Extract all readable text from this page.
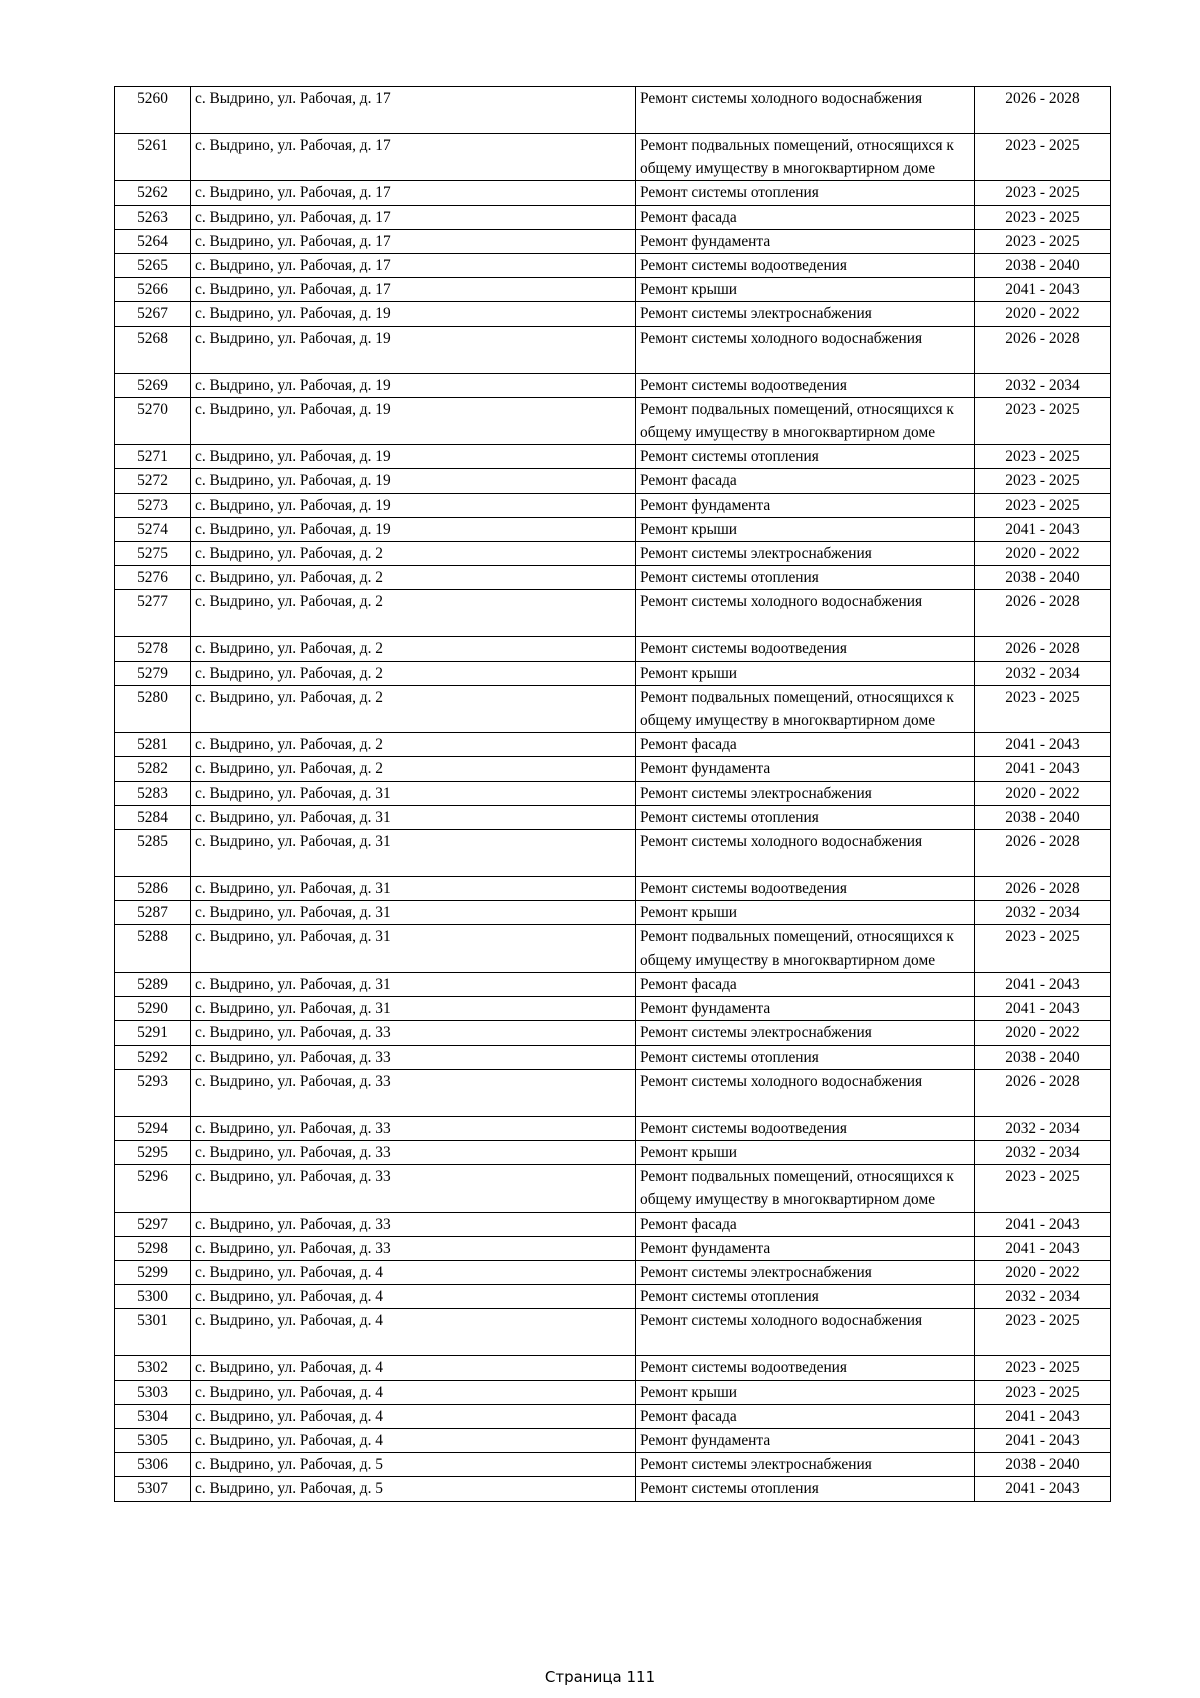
5260	с. Выдрино, ул. Рабочая, д. 17	Ремонт системы холодного водоснабжения	2026 - 2028
5261	с. Выдрино, ул. Рабочая, д. 17	Ремонт подвальных помещений, относящихся к общему имуществу в многоквартирном доме	2023 - 2025
5262	с. Выдрино, ул. Рабочая, д. 17	Ремонт системы отопления	2023 - 2025
5263	с. Выдрино, ул. Рабочая, д. 17	Ремонт фасада	2023 - 2025
5264	с. Выдрино, ул. Рабочая, д. 17	Ремонт фундамента	2023 - 2025
5265	с. Выдрино, ул. Рабочая, д. 17	Ремонт системы водоотведения	2038 - 2040
5266	с. Выдрино, ул. Рабочая, д. 17	Ремонт крыши	2041 - 2043
5267	с. Выдрино, ул. Рабочая, д. 19	Ремонт системы электроснабжения	2020 - 2022
5268	с. Выдрино, ул. Рабочая, д. 19	Ремонт системы холодного водоснабжения	2026 - 2028
5269	с. Выдрино, ул. Рабочая, д. 19	Ремонт системы водоотведения	2032 - 2034
5270	с. Выдрино, ул. Рабочая, д. 19	Ремонт подвальных помещений, относящихся к общему имуществу в многоквартирном доме	2023 - 2025
5271	с. Выдрино, ул. Рабочая, д. 19	Ремонт системы отопления	2023 - 2025
5272	с. Выдрино, ул. Рабочая, д. 19	Ремонт фасада	2023 - 2025
5273	с. Выдрино, ул. Рабочая, д. 19	Ремонт фундамента	2023 - 2025
5274	с. Выдрино, ул. Рабочая, д. 19	Ремонт крыши	2041 - 2043
5275	с. Выдрино, ул. Рабочая, д. 2	Ремонт системы электроснабжения	2020 - 2022
5276	с. Выдрино, ул. Рабочая, д. 2	Ремонт системы отопления	2038 - 2040
5277	с. Выдрино, ул. Рабочая, д. 2	Ремонт системы холодного водоснабжения	2026 - 2028
5278	с. Выдрино, ул. Рабочая, д. 2	Ремонт системы водоотведения	2026 - 2028
5279	с. Выдрино, ул. Рабочая, д. 2	Ремонт крыши	2032 - 2034
5280	с. Выдрино, ул. Рабочая, д. 2	Ремонт подвальных помещений, относящихся к общему имуществу в многоквартирном доме	2023 - 2025
5281	с. Выдрино, ул. Рабочая, д. 2	Ремонт фасада	2041 - 2043
5282	с. Выдрино, ул. Рабочая, д. 2	Ремонт фундамента	2041 - 2043
5283	с. Выдрино, ул. Рабочая, д. 31	Ремонт системы электроснабжения	2020 - 2022
5284	с. Выдрино, ул. Рабочая, д. 31	Ремонт системы отопления	2038 - 2040
5285	с. Выдрино, ул. Рабочая, д. 31	Ремонт системы холодного водоснабжения	2026 - 2028
5286	с. Выдрино, ул. Рабочая, д. 31	Ремонт системы водоотведения	2026 - 2028
5287	с. Выдрино, ул. Рабочая, д. 31	Ремонт крыши	2032 - 2034
5288	с. Выдрино, ул. Рабочая, д. 31	Ремонт подвальных помещений, относящихся к общему имуществу в многоквартирном доме	2023 - 2025
5289	с. Выдрино, ул. Рабочая, д. 31	Ремонт фасада	2041 - 2043
5290	с. Выдрино, ул. Рабочая, д. 31	Ремонт фундамента	2041 - 2043
5291	с. Выдрино, ул. Рабочая, д. 33	Ремонт системы электроснабжения	2020 - 2022
5292	с. Выдрино, ул. Рабочая, д. 33	Ремонт системы отопления	2038 - 2040
5293	с. Выдрино, ул. Рабочая, д. 33	Ремонт системы холодного водоснабжения	2026 - 2028
5294	с. Выдрино, ул. Рабочая, д. 33	Ремонт системы водоотведения	2032 - 2034
5295	с. Выдрино, ул. Рабочая, д. 33	Ремонт крыши	2032 - 2034
5296	с. Выдрино, ул. Рабочая, д. 33	Ремонт подвальных помещений, относящихся к общему имуществу в многоквартирном доме	2023 - 2025
5297	с. Выдрино, ул. Рабочая, д. 33	Ремонт фасада	2041 - 2043
5298	с. Выдрино, ул. Рабочая, д. 33	Ремонт фундамента	2041 - 2043
5299	с. Выдрино, ул. Рабочая, д. 4	Ремонт системы электроснабжения	2020 - 2022
5300	с. Выдрино, ул. Рабочая, д. 4	Ремонт системы отопления	2032 - 2034
5301	с. Выдрино, ул. Рабочая, д. 4	Ремонт системы холодного водоснабжения	2023 - 2025
5302	с. Выдрино, ул. Рабочая, д. 4	Ремонт системы водоотведения	2023 - 2025
5303	с. Выдрино, ул. Рабочая, д. 4	Ремонт крыши	2023 - 2025
5304	с. Выдрино, ул. Рабочая, д. 4	Ремонт фасада	2041 - 2043
5305	с. Выдрино, ул. Рабочая, д. 4	Ремонт фундамента	2041 - 2043
5306	с. Выдрино, ул. Рабочая, д. 5	Ремонт системы электроснабжения	2038 - 2040
5307	с. Выдрино, ул. Рабочая, д. 5	Ремонт системы отопления	2041 - 2043
Страница 111
